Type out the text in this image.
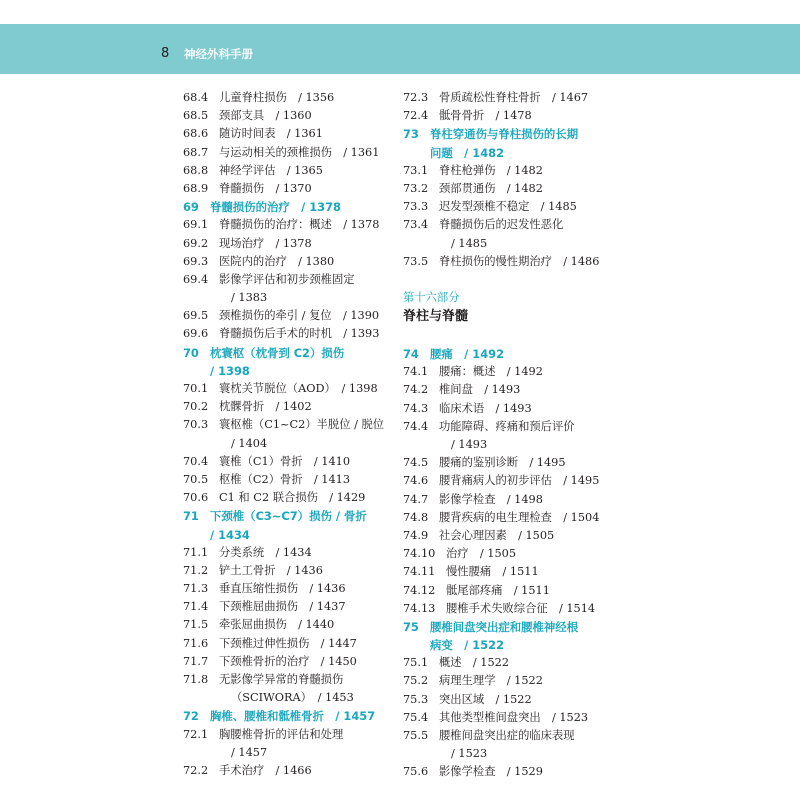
8 神经外科手册
68.4 儿童脊柱损伤　/ 1356
68.5 颈部支具　/ 1360
68.6 随访时间表　/ 1361
68.7 与运动相关的颈椎损伤　/ 1361
68.8 神经学评估　/ 1365
68.9 脊髓损伤　/ 1370
69 脊髓损伤的治疗　/ 1378
69.1 脊髓损伤的治疗：概述　/ 1378
69.2 现场治疗　/ 1378
69.3 医院内的治疗　/ 1380
69.4 影像学评估和初步颈椎固定
/ 1383
69.5 颈椎损伤的牵引 / 复位　/ 1390
69.6 脊髓损伤后手术的时机　/ 1393
70 枕寰枢（枕骨到 C2）损伤
/ 1398
70.1 寰枕关节脱位（AOD）　/ 1398
70.2 枕髁骨折　/ 1402
70.3 寰枢椎（C1~C2）半脱位 / 脱位
/ 1404
70.4 寰椎（C1）骨折　/ 1410
70.5 枢椎（C2）骨折　/ 1413
70.6 C1 和 C2 联合损伤　/ 1429
71 下颈椎（C3~C7）损伤 / 骨折
/ 1434
71.1 分类系统　/ 1434
71.2 铲土工骨折　/ 1436
71.3 垂直压缩性损伤　/ 1436
71.4 下颈椎屈曲损伤　/ 1437
71.5 牵张屈曲损伤　/ 1440
71.6 下颈椎过伸性损伤　/ 1447
71.7 下颈椎骨折的治疗　/ 1450
71.8 无影像学异常的脊髓损伤
（SCIWORA）　/ 1453
72 胸椎、腰椎和骶椎骨折　/ 1457
72.1 胸腰椎骨折的评估和处理
/ 1457
72.2 手术治疗　/ 1466
72.3 骨质疏松性脊柱骨折　/ 1467
72.4 骶骨骨折　/ 1478
73 脊柱穿通伤与脊柱损伤的长期
问题　/ 1482
73.1 脊柱枪弹伤　/ 1482
73.2 颈部贯通伤　/ 1482
73.3 迟发型颈椎不稳定　/ 1485
73.4 脊髓损伤后的迟发性恶化
/ 1485
73.5 脊柱损伤的慢性期治疗　/ 1486
第十六部分
脊柱与脊髓
74 腰痛　/ 1492
74.1 腰痛：概述　/ 1492
74.2 椎间盘　/ 1493
74.3 临床术语　/ 1493
74.4 功能障碍、疼痛和预后评价
/ 1493
74.5 腰痛的鉴别诊断　/ 1495
74.6 腰背痛病人的初步评估　/ 1495
74.7 影像学检查　/ 1498
74.8 腰背疾病的电生理检查　/ 1504
74.9 社会心理因素　/ 1505
74.10 治疗　/ 1505
74.11 慢性腰痛　/ 1511
74.12 骶尾部疼痛　/ 1511
74.13 腰椎手术失败综合征　/ 1514
75 腰椎间盘突出症和腰椎神经根
病变　/ 1522
75.1 概述　/ 1522
75.2 病理生理学　/ 1522
75.3 突出区域　/ 1522
75.4 其他类型椎间盘突出　/ 1523
75.5 腰椎间盘突出症的临床表现
/ 1523
75.6 影像学检查　/ 1529
